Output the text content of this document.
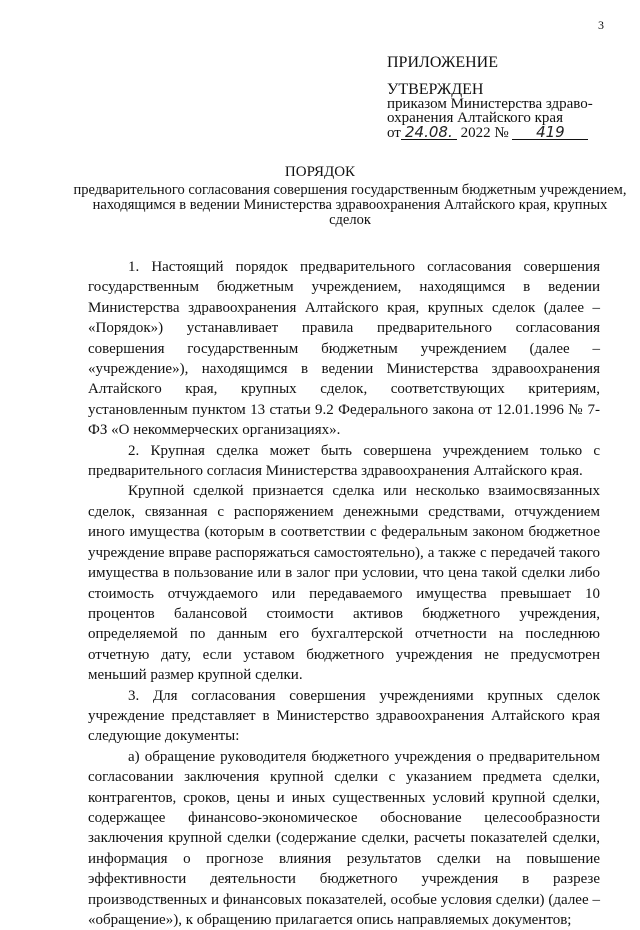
3
ПРИЛОЖЕНИЕ
УТВЕРЖДЕН
приказом Министерства здраво-
охранения Алтайского края
от 24.08. 2022 № 419
ПОРЯДОК
предварительного согласования совершения государственным бюджетным учреждением, находящимся в ведении Министерства здравоохранения Алтайского края, крупных сделок

1. Настоящий порядок предварительного согласования совершения государственным бюджетным учреждением, находящимся в ведении Министерства здравоохранения Алтайского края, крупных сделок (далее – «Порядок») устанавливает правила предварительного согласования совершения государственным бюджетным учреждением (далее – «учреждение»), находящимся в ведении Министерства здравоохранения Алтайского края, крупных сделок, соответствующих критериям, установленным пунктом 13 статьи 9.2 Федерального закона от 12.01.1996 № 7-ФЗ «О некоммерческих организациях».

2. Крупная сделка может быть совершена учреждением только с предварительного согласия Министерства здравоохранения Алтайского края.

Крупной сделкой признается сделка или несколько взаимосвязанных сделок, связанная с распоряжением денежными средствами, отчуждением иного имущества (которым в соответствии с федеральным законом бюджетное учреждение вправе распоряжаться самостоятельно), а также с передачей такого имущества в пользование или в залог при условии, что цена такой сделки либо стоимость отчуждаемого или передаваемого имущества превышает 10 процентов балансовой стоимости активов бюджетного учреждения, определяемой по данным его бухгалтерской отчетности на последнюю отчетную дату, если уставом бюджетного учреждения не предусмотрен меньший размер крупной сделки.

3. Для согласования совершения учреждениями крупных сделок учреждение представляет в Министерство здравоохранения Алтайского края следующие документы:

а) обращение руководителя бюджетного учреждения о предварительном согласовании заключения крупной сделки с указанием предмета сделки, контрагентов, сроков, цены и иных существенных условий крупной сделки, содержащее финансово-экономическое обоснование целесообразности заключения крупной сделки (содержание сделки, расчеты показателей сделки, информация о прогнозе влияния результатов сделки на повышение эффективности деятельности бюджетного учреждения в разрезе производственных и финансовых показателей, особые условия сделки) (далее – «обращение»), к обращению прилагается опись направляемых документов;
